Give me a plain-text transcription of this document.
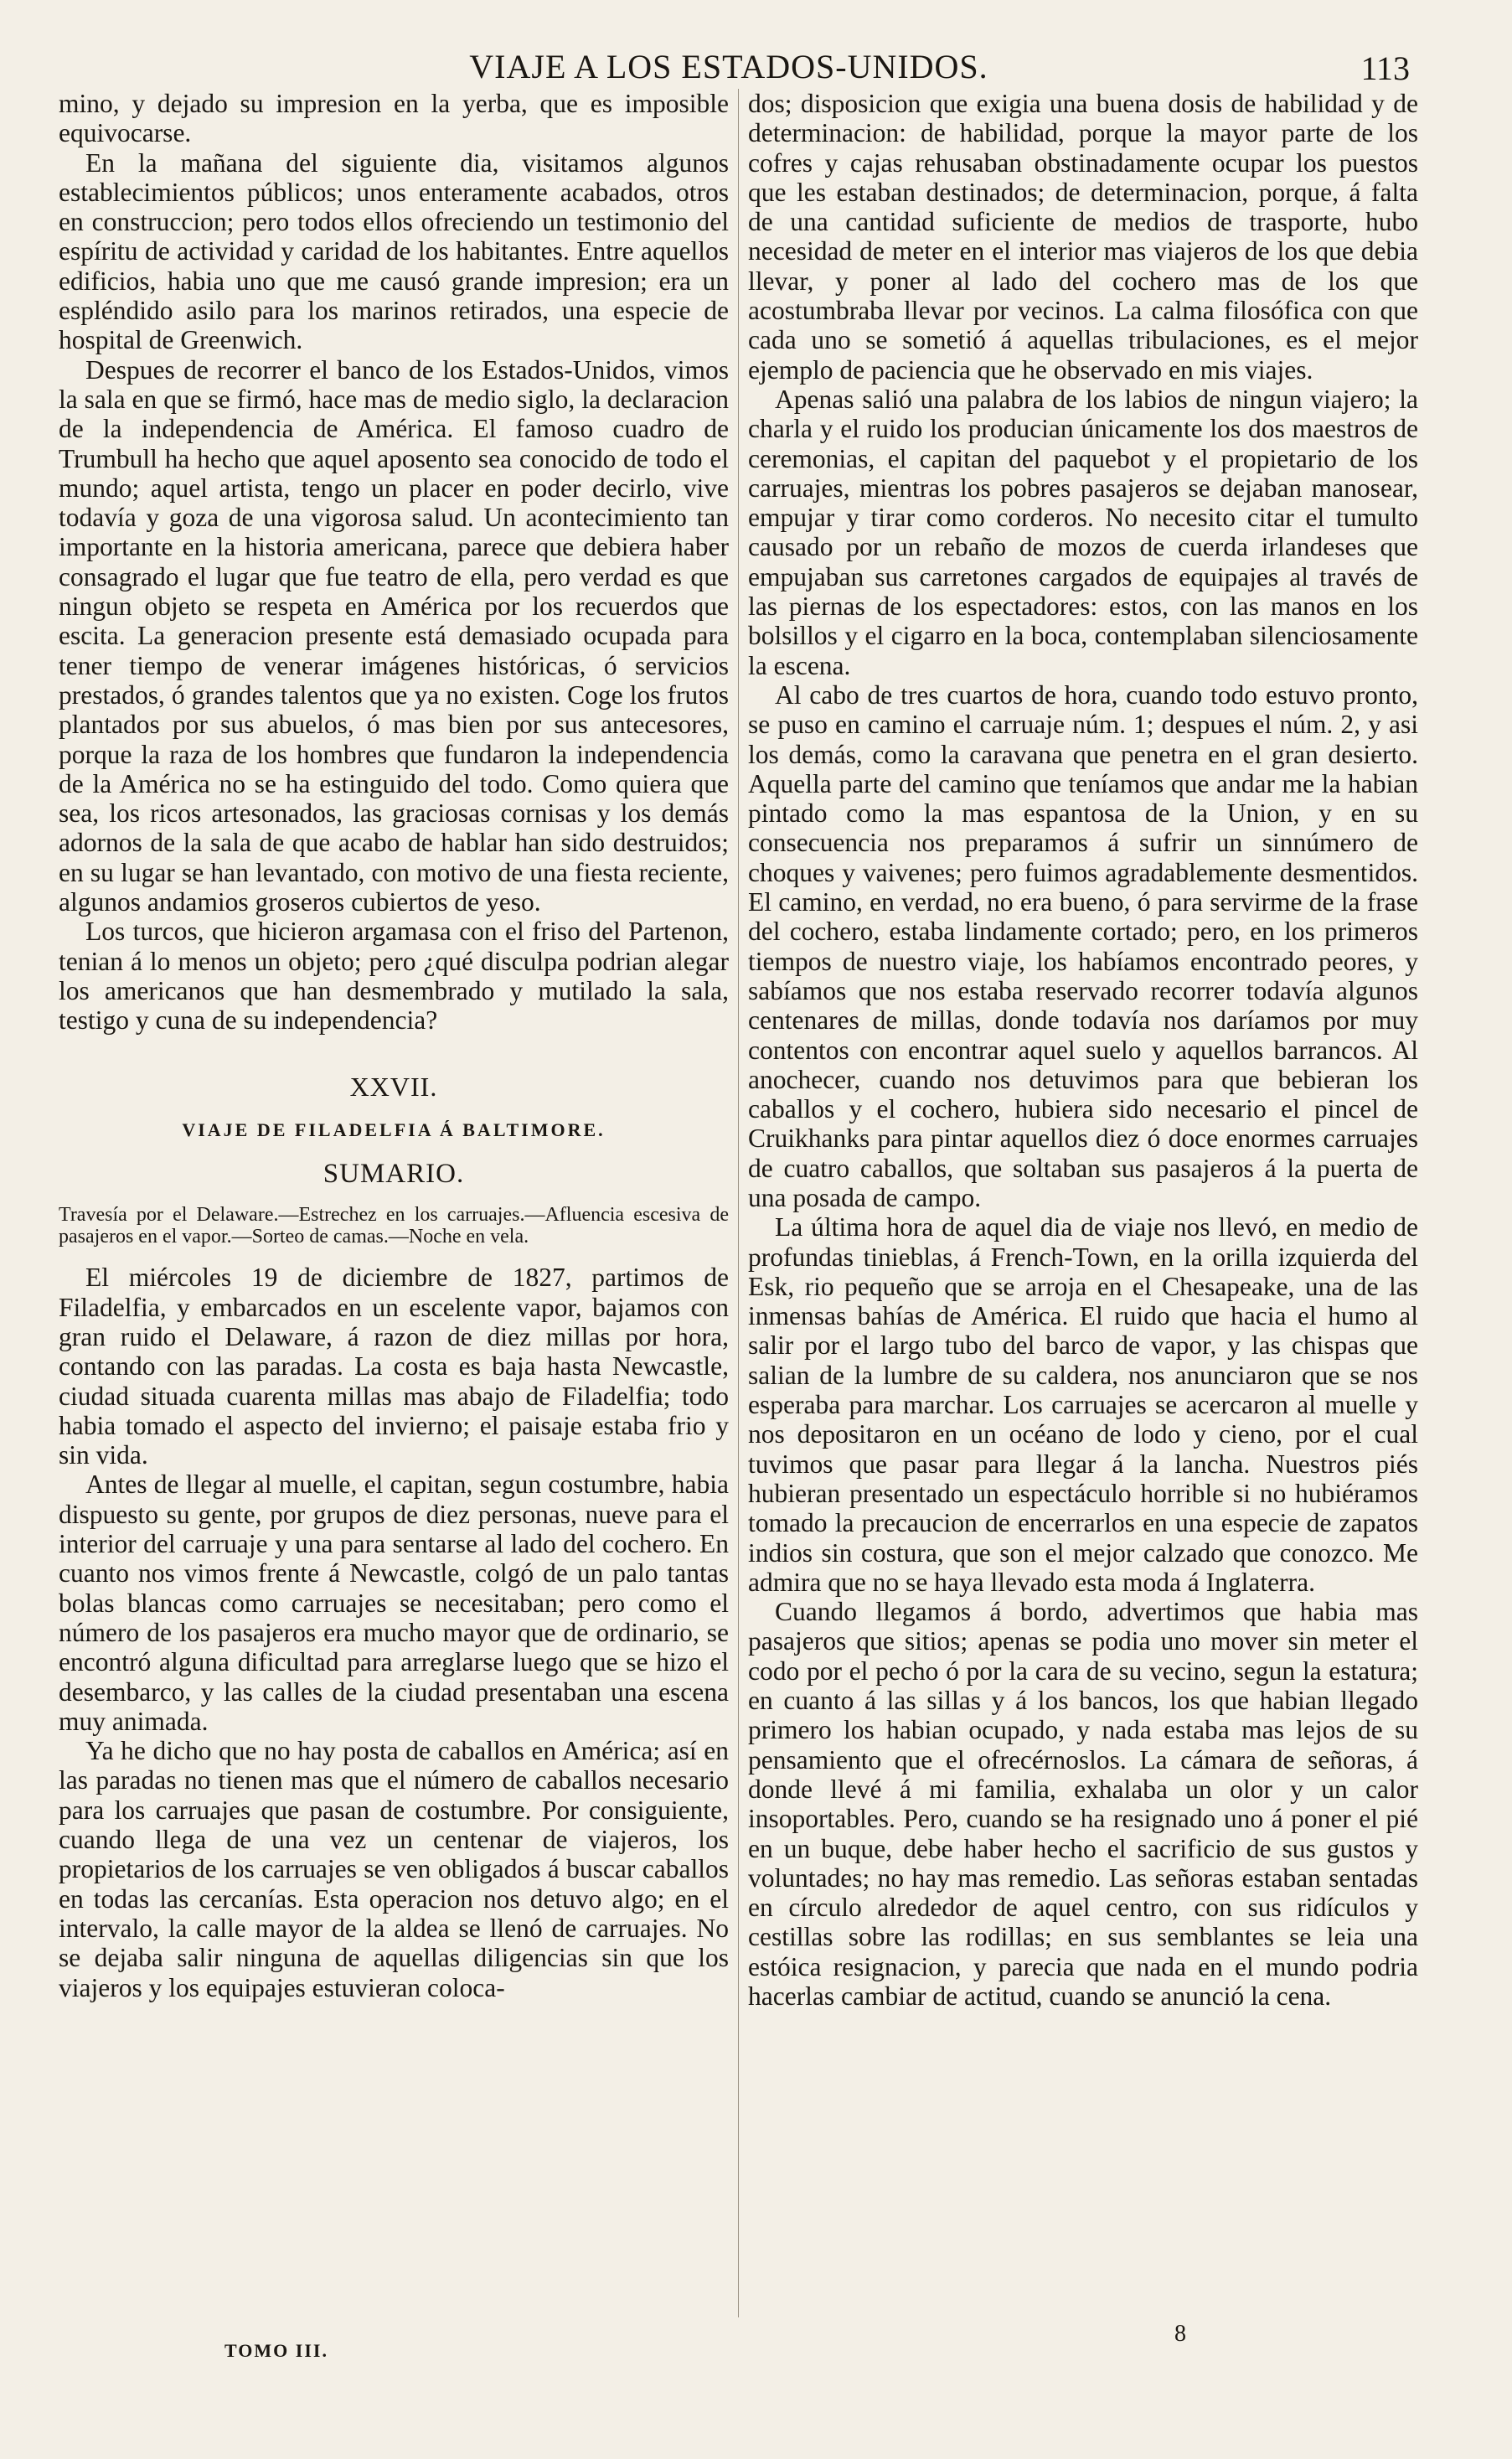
VIAJE A LOS ESTADOS-UNIDOS.	113

mino, y dejado su impresion en la yerba, que es imposible equivocarse.

En la mañana del siguiente dia, visitamos algunos establecimientos públicos; unos enteramente acabados, otros en construccion; pero todos ellos ofreciendo un testimonio del espíritu de actividad y caridad de los habitantes. Entre aquellos edificios, habia uno que me causó grande impresion; era un espléndido asilo para los marinos retirados, una especie de hospital de Greenwich.

Despues de recorrer el banco de los Estados-Unidos, vimos la sala en que se firmó, hace mas de medio siglo, la declaracion de la independencia de América. El famoso cuadro de Trumbull ha hecho que aquel aposento sea conocido de todo el mundo; aquel artista, tengo un placer en poder decirlo, vive todavía y goza de una vigorosa salud. Un acontecimiento tan importante en la historia americana, parece que debiera haber consagrado el lugar que fue teatro de ella, pero verdad es que ningun objeto se respeta en América por los recuerdos que escita. La generacion presente está demasiado ocupada para tener tiempo de venerar imágenes históricas, ó servicios prestados, ó grandes talentos que ya no existen. Coge los frutos plantados por sus abuelos, ó mas bien por sus antecesores, porque la raza de los hombres que fundaron la independencia de la América no se ha estinguido del todo. Como quiera que sea, los ricos artesonados, las graciosas cornisas y los demás adornos de la sala de que acabo de hablar han sido destruidos; en su lugar se han levantado, con motivo de una fiesta reciente, algunos andamios groseros cubiertos de yeso.

Los turcos, que hicieron argamasa con el friso del Partenon, tenian á lo menos un objeto; pero ¿qué disculpa podrian alegar los americanos que han desmembrado y mutilado la sala, testigo y cuna de su independencia?

XXVII.
VIAJE DE FILADELFIA Á BALTIMORE.
SUMARIO.
Travesía por el Delaware.—Estrechez en los carruajes.—Afluencia escesiva de pasajeros en el vapor.—Sorteo de camas.—Noche en vela.

El miércoles 19 de diciembre de 1827, partimos de Filadelfia, y embarcados en un escelente vapor, bajamos con gran ruido el Delaware, á razon de diez millas por hora, contando con las paradas. La costa es baja hasta Newcastle, ciudad situada cuarenta millas mas abajo de Filadelfia; todo habia tomado el aspecto del invierno; el paisaje estaba frio y sin vida.

Antes de llegar al muelle, el capitan, segun costumbre, habia dispuesto su gente, por grupos de diez personas, nueve para el interior del carruaje y una para sentarse al lado del cochero. En cuanto nos vimos frente á Newcastle, colgó de un palo tantas bolas blancas como carruajes se necesitaban; pero como el número de los pasajeros era mucho mayor que de ordinario, se encontró alguna dificultad para arreglarse luego que se hizo el desembarco, y las calles de la ciudad presentaban una escena muy animada.

Ya he dicho que no hay posta de caballos en América; así en las paradas no tienen mas que el número de caballos necesario para los carruajes que pasan de costumbre. Por consiguiente, cuando llega de una vez un centenar de viajeros, los propietarios de los carruajes se ven obligados á buscar caballos en todas las cercanías. Esta operacion nos detuvo algo; en el intervalo, la calle mayor de la aldea se llenó de carruajes. No se dejaba salir ninguna de aquellas diligencias sin que los viajeros y los equipajes estuvieran coloca-

dos; disposicion que exigia una buena dosis de habilidad y de determinacion: de habilidad, porque la mayor parte de los cofres y cajas rehusaban obstinadamente ocupar los puestos que les estaban destinados; de determinacion, porque, á falta de una cantidad suficiente de medios de trasporte, hubo necesidad de meter en el interior mas viajeros de los que debia llevar, y poner al lado del cochero mas de los que acostumbraba llevar por vecinos. La calma filosófica con que cada uno se sometió á aquellas tribulaciones, es el mejor ejemplo de paciencia que he observado en mis viajes.

Apenas salió una palabra de los labios de ningun viajero; la charla y el ruido los producian únicamente los dos maestros de ceremonias, el capitan del paquebot y el propietario de los carruajes, mientras los pobres pasajeros se dejaban manosear, empujar y tirar como corderos. No necesito citar el tumulto causado por un rebaño de mozos de cuerda irlandeses que empujaban sus carretones cargados de equipajes al través de las piernas de los espectadores: estos, con las manos en los bolsillos y el cigarro en la boca, contemplaban silenciosamente la escena.

Al cabo de tres cuartos de hora, cuando todo estuvo pronto, se puso en camino el carruaje núm. 1; despues el núm. 2, y asi los demás, como la caravana que penetra en el gran desierto. Aquella parte del camino que teníamos que andar me la habian pintado como la mas espantosa de la Union, y en su consecuencia nos preparamos á sufrir un sinnúmero de choques y vaivenes; pero fuimos agradablemente desmentidos. El camino, en verdad, no era bueno, ó para servirme de la frase del cochero, estaba lindamente cortado; pero, en los primeros tiempos de nuestro viaje, los habíamos encontrado peores, y sabíamos que nos estaba reservado recorrer todavía algunos centenares de millas, donde todavía nos daríamos por muy contentos con encontrar aquel suelo y aquellos barrancos. Al anochecer, cuando nos detuvimos para que bebieran los caballos y el cochero, hubiera sido necesario el pincel de Cruikhanks para pintar aquellos diez ó doce enormes carruajes de cuatro caballos, que soltaban sus pasajeros á la puerta de una posada de campo.

La última hora de aquel dia de viaje nos llevó, en medio de profundas tinieblas, á French-Town, en la orilla izquierda del Esk, rio pequeño que se arroja en el Chesapeake, una de las inmensas bahías de América. El ruido que hacia el humo al salir por el largo tubo del barco de vapor, y las chispas que salian de la lumbre de su caldera, nos anunciaron que se nos esperaba para marchar. Los carruajes se acercaron al muelle y nos depositaron en un océano de lodo y cieno, por el cual tuvimos que pasar para llegar á la lancha. Nuestros piés hubieran presentado un espectáculo horrible si no hubiéramos tomado la precaucion de encerrarlos en una especie de zapatos indios sin costura, que son el mejor calzado que conozco. Me admira que no se haya llevado esta moda á Inglaterra.

Cuando llegamos á bordo, advertimos que habia mas pasajeros que sitios; apenas se podia uno mover sin meter el codo por el pecho ó por la cara de su vecino, segun la estatura; en cuanto á las sillas y á los bancos, los que habian llegado primero los habian ocupado, y nada estaba mas lejos de su pensamiento que el ofrecérnoslos. La cámara de señoras, á donde llevé á mi familia, exhalaba un olor y un calor insoportables. Pero, cuando se ha resignado uno á poner el pié en un buque, debe haber hecho el sacrificio de sus gustos y voluntades; no hay mas remedio. Las señoras estaban sentadas en círculo alrededor de aquel centro, con sus ridículos y cestillas sobre las rodillas; en sus semblantes se leia una estóica resignacion, y parecia que nada en el mundo podria hacerlas cambiar de actitud, cuando se anunció la cena.

TOMO III.
8
